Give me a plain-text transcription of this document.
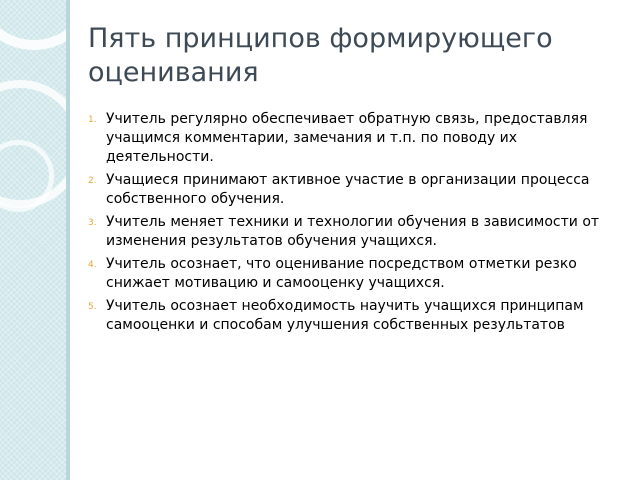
Пять принципов формирующего оценивания
1. Учитель регулярно обеспечивает обратную связь, предоставляя учащимся комментарии, замечания и т.п. по поводу их деятельности.
2. Учащиеся принимают активное участие в организации процесса собственного обучения.
3. Учитель меняет техники и технологии обучения в зависимости от изменения результатов обучения учащихся.
4. Учитель осознает, что оценивание посредством отметки резко снижает мотивацию и самооценку учащихся.
5. Учитель осознает необходимость научить учащихся принципам самооценки и способам улучшения собственных результатов
